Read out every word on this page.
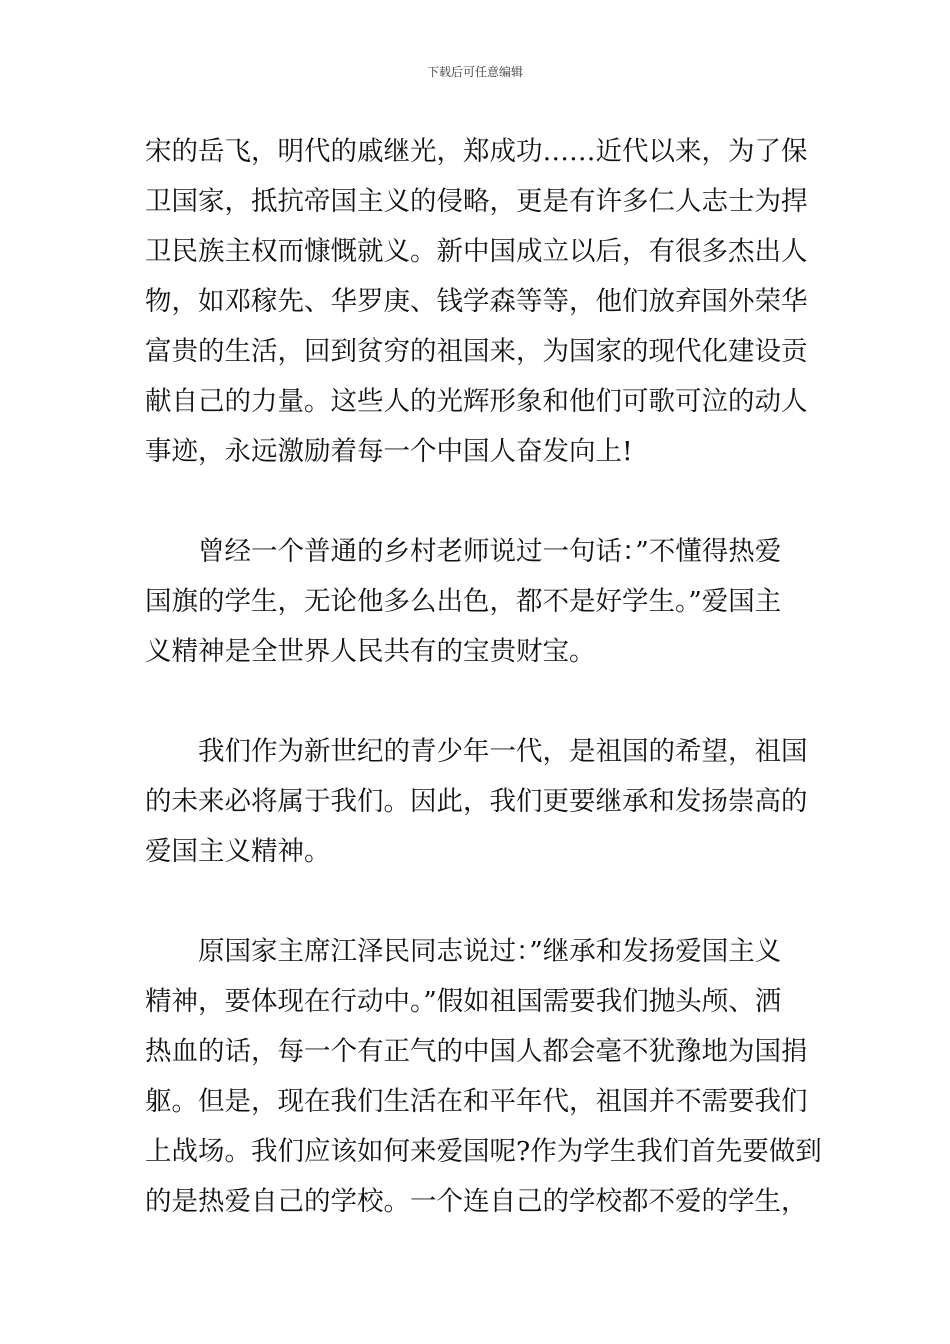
下载后可任意编辑
宋的岳飞，明代的戚继光，郑成功……近代以来，为了保
卫国家，抵抗帝国主义的侵略，更是有许多仁人志士为捍
卫民族主权而慷慨就义。新中国成立以后，有很多杰出人
物，如邓稼先、华罗庚、钱学森等等，他们放弃国外荣华
富贵的生活，回到贫穷的祖国来，为国家的现代化建设贡
献自己的力量。这些人的光辉形象和他们可歌可泣的动人
事迹，永远激励着每一个中国人奋发向上!
　　曾经一个普通的乡村老师说过一句话：”不懂得热爱
国旗的学生，无论他多么出色，都不是好学生。”爱国主
义精神是全世界人民共有的宝贵财宝。
　　我们作为新世纪的青少年一代，是祖国的希望，祖国
的未来必将属于我们。因此，我们更要继承和发扬崇高的
爱国主义精神。
　　原国家主席江泽民同志说过：”继承和发扬爱国主义
精神，要体现在行动中。”假如祖国需要我们抛头颅、洒
热血的话，每一个有正气的中国人都会毫不犹豫地为国捐
躯。但是，现在我们生活在和平年代，祖国并不需要我们
上战场。我们应该如何来爱国呢?作为学生我们首先要做到
的是热爱自己的学校。一个连自己的学校都不爱的学生，
